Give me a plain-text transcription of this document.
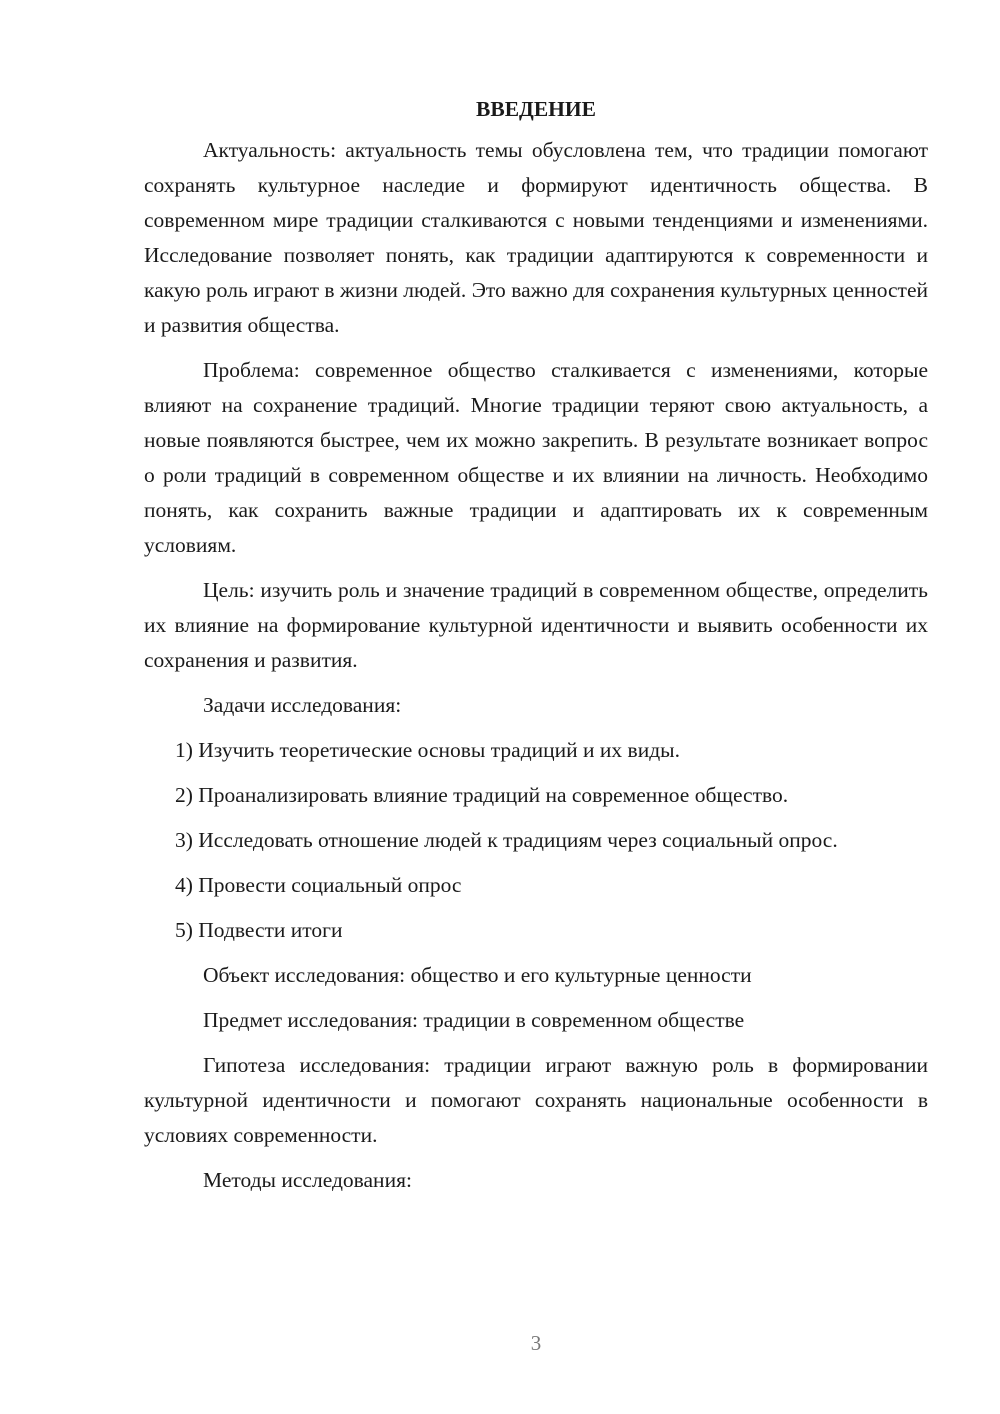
ВВЕДЕНИЕ

Актуальность: актуальность темы обусловлена тем, что традиции помогают сохранять культурное наследие и формируют идентичность общества. В современном мире традиции сталкиваются с новыми тенденциями и изменениями. Исследование позволяет понять, как традиции адаптируются к современности и какую роль играют в жизни людей. Это важно для сохранения культурных ценностей и развития общества.

Проблема: современное общество сталкивается с изменениями, которые влияют на сохранение традиций. Многие традиции теряют свою актуальность, а новые появляются быстрее, чем их можно закрепить. В результате возникает вопрос о роли традиций в современном обществе и их влиянии на личность. Необходимо понять, как сохранить важные традиции и адаптировать их к современным условиям.

Цель: изучить роль и значение традиций в современном обществе, определить их влияние на формирование культурной идентичности и выявить особенности их сохранения и развития.

Задачи исследования:

1) Изучить теоретические основы традиций и их виды.

2) Проанализировать влияние традиций на современное общество.

3) Исследовать отношение людей к традициям через социальный опрос.

4) Провести социальный опрос

5) Подвести итоги

Объект исследования: общество и его культурные ценности

Предмет исследования: традиции в современном обществе

Гипотеза исследования: традиции играют важную роль в формировании культурной идентичности и помогают сохранять национальные особенности в условиях современности.

Методы исследования:

3
